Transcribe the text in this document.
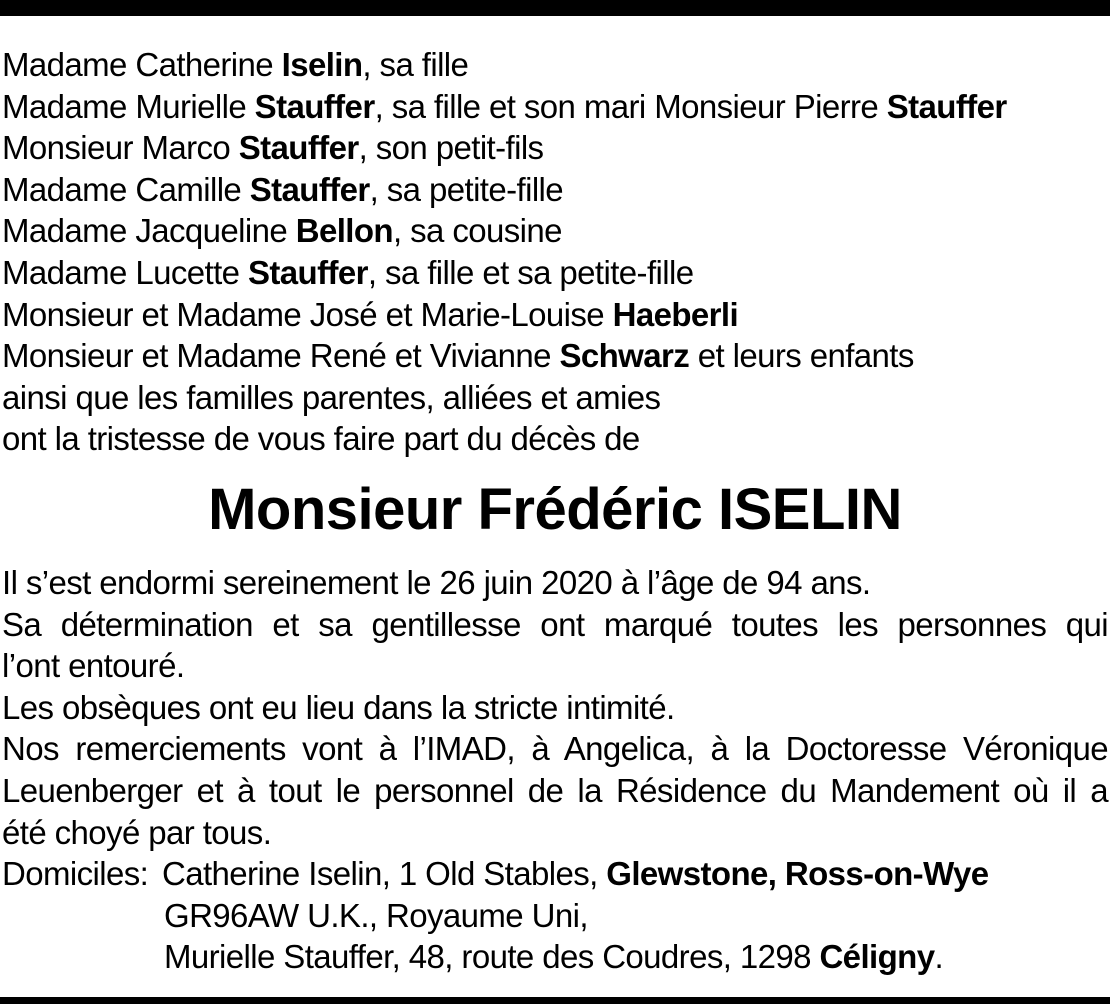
Madame Catherine Iselin, sa fille
Madame Murielle Stauffer, sa fille et son mari Monsieur Pierre Stauffer
Monsieur Marco Stauffer, son petit-fils
Madame Camille Stauffer, sa petite-fille
Madame Jacqueline Bellon, sa cousine
Madame Lucette Stauffer, sa fille et sa petite-fille
Monsieur et Madame José et Marie-Louise Haeberli
Monsieur et Madame René et Vivianne Schwarz et leurs enfants
ainsi que les familles parentes, alliées et amies
ont la tristesse de vous faire part du décès de
Monsieur Frédéric ISELIN
Il s’est endormi sereinement le 26 juin 2020 à l’âge de 94 ans.
Sa détermination et sa gentillesse ont marqué toutes les personnes qui
l’ont entouré.
Les obsèques ont eu lieu dans la stricte intimité.
Nos remerciements vont à l’IMAD, à Angelica, à la Doctoresse Véronique
Leuenberger et à tout le personnel de la Résidence du Mandement où il a
été choyé par tous.
Domiciles: Catherine Iselin, 1 Old Stables, Glewstone, Ross-on-Wye
GR96AW U.K., Royaume Uni,
Murielle Stauffer, 48, route des Coudres, 1298 Céligny.
